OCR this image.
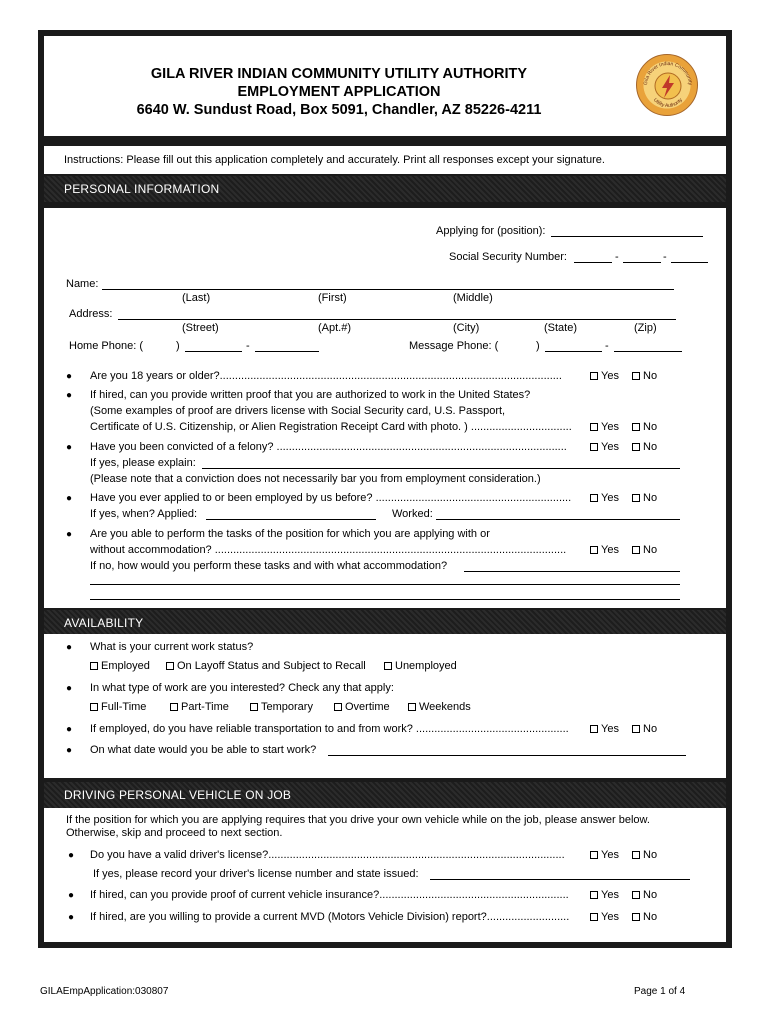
GILA RIVER INDIAN COMMUNITY UTILITY AUTHORITY
EMPLOYMENT APPLICATION
6640 W. Sundust Road, Box 5091, Chandler, AZ 85226-4211
Gila River Indian Community
Utility Authority
Instructions: Please fill out this application completely and accurately. Print all responses except your signature.
PERSONAL INFORMATION
Applying for (position):
Social Security Number:	-	-
Name:
(Last)	(First)	(Middle)
Address:
(Street)	(Apt.#)	(City)	(State)	(Zip)
Home Phone: (	)	-	Message Phone: (	)	-
● Are you 18 years or older?................................................................................................................	Yes	No
● If hired, can you provide written proof that you are authorized to work in the United States?
(Some examples of proof are drivers license with Social Security card, U.S. Passport,
Certificate of U.S. Citizenship, or Alien Registration Receipt Card with photo. ) .................................	Yes	No
● Have you been convicted of a felony? ...............................................................................................	Yes	No
If yes, please explain:
(Please note that a conviction does not necessarily bar you from employment consideration.)
● Have you ever applied to or been employed by us before? ................................................................	Yes	No
If yes, when? Applied:	Worked:
● Are you able to perform the tasks of the position for which you are applying with or
without accommodation? ...................................................................................................................	Yes	No
If no, how would you perform these tasks and with what accommodation?
AVAILABILITY
● What is your current work status?
Employed	On Layoff Status and Subject to Recall	Unemployed
● In what type of work are you interested? Check any that apply:
Full-Time	Part-Time	Temporary	Overtime	Weekends
● If employed, do you have reliable transportation to and from work? ..................................................	Yes	No
● On what date would you be able to start work?
DRIVING PERSONAL VEHICLE ON JOB
If the position for which you are applying requires that you drive your own vehicle while on the job, please answer below.
Otherwise, skip and proceed to next section.
● Do you have a valid driver's license?.................................................................................................	Yes	No
If yes, please record your driver's license number and state issued:
● If hired, can you provide proof of current vehicle insurance?..............................................................	Yes	No
● If hired, are you willing to provide a current MVD (Motors Vehicle Division) report?...........................	Yes	No
GILAEmpApplication:030807	Page 1 of 4
